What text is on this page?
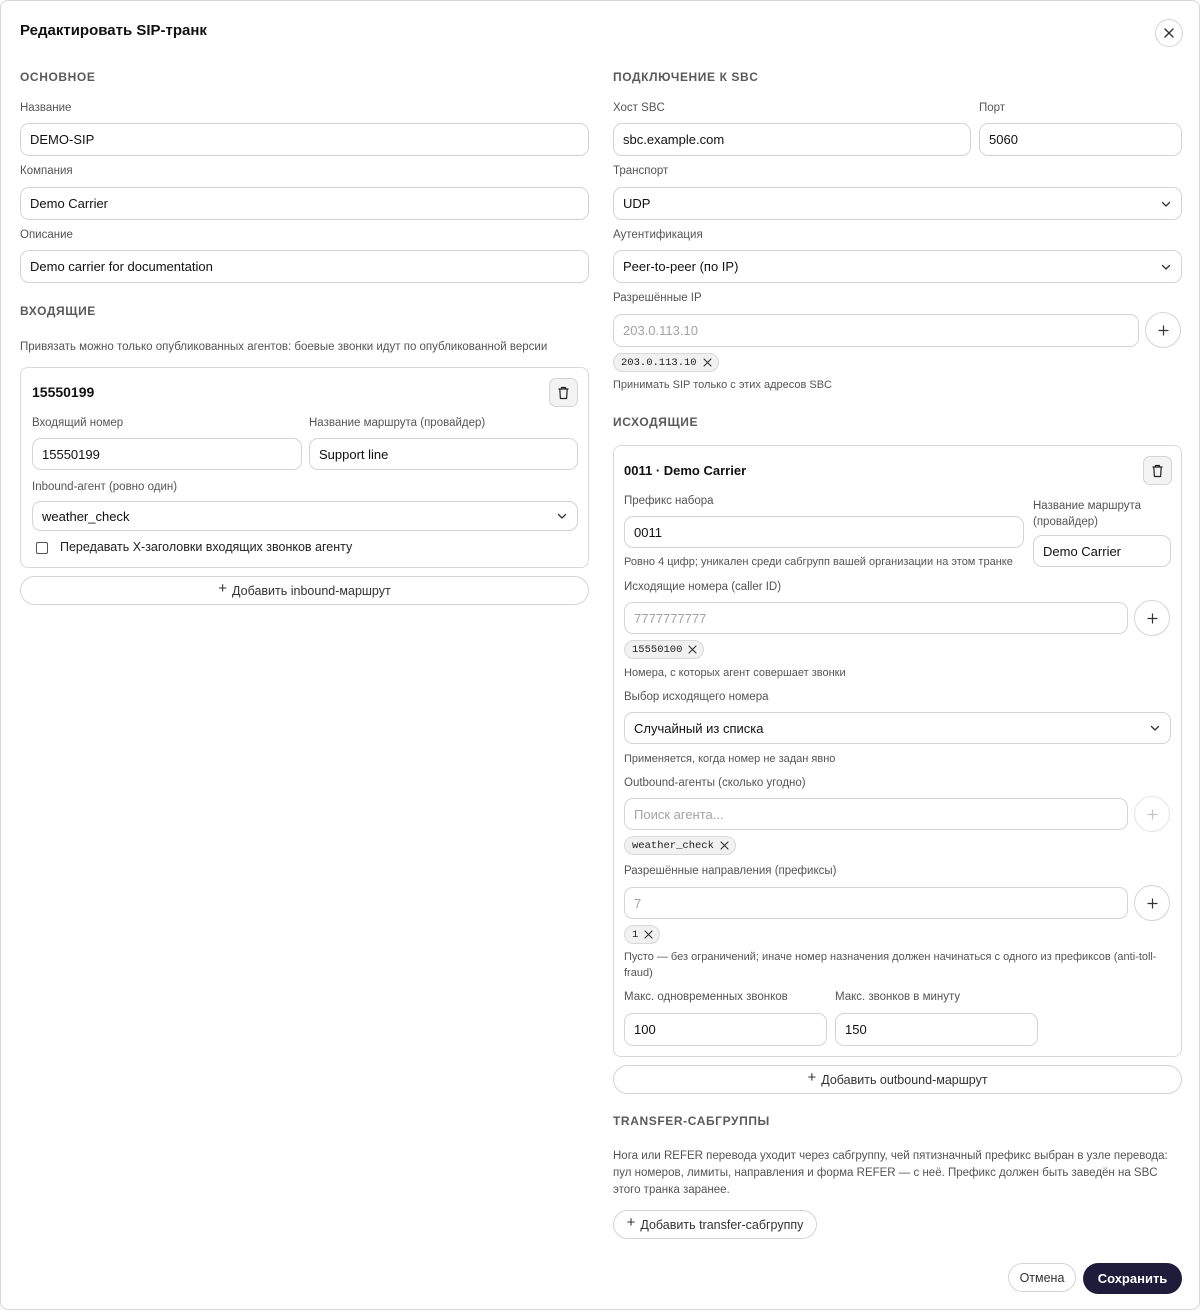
Редактировать SIP-транк
ОСНОВНОЕ
Название
DEMO-SIP
Компания
Demo Carrier
Описание
Demo carrier for documentation
ВХОДЯЩИЕ
Привязать можно только опубликованных агентов: боевые звонки идут по опубликованной версии
15550199
Входящий номер
15550199
Название маршрута (провайдер)
Support line
Inbound-агент (ровно один)
weather_check
Передавать X-заголовки входящих звонков агенту
+ Добавить inbound-маршрут
ПОДКЛЮЧЕНИЕ К SBC
Хост SBC
sbc.example.com
Порт
5060
Транспорт
UDP
Аутентификация
Peer-to-peer (по IP)
Разрешённые IP
203.0.113.10
203.0.113.10
Принимать SIP только с этих адресов SBC
ИСХОДЯЩИЕ
0011 · Demo Carrier
Префикс набора
0011
Ровно 4 цифр; уникален среди сабгрупп вашей организации на этом транке
Название маршрута (провайдер)
Demo Carrier
Исходящие номера (caller ID)
7777777777
15550100
Номера, с которых агент совершает звонки
Выбор исходящего номера
Случайный из списка
Применяется, когда номер не задан явно
Outbound-агенты (сколько угодно)
Поиск агента...
weather_check
Разрешённые направления (префиксы)
7
1
Пусто — без ограничений; иначе номер назначения должен начинаться с одного из префиксов (anti-toll-fraud)
Макс. одновременных звонков
100
Макс. звонков в минуту
150
+ Добавить outbound-маршрут
TRANSFER-САБГРУППЫ
Нога или REFER перевода уходит через сабгруппу, чей пятизначный префикс выбран в узле перевода: пул номеров, лимиты, направления и форма REFER — с неё. Префикс должен быть заведён на SBC этого транка заранее.
+ Добавить transfer-сабгруппу
Отмена	Сохранить
